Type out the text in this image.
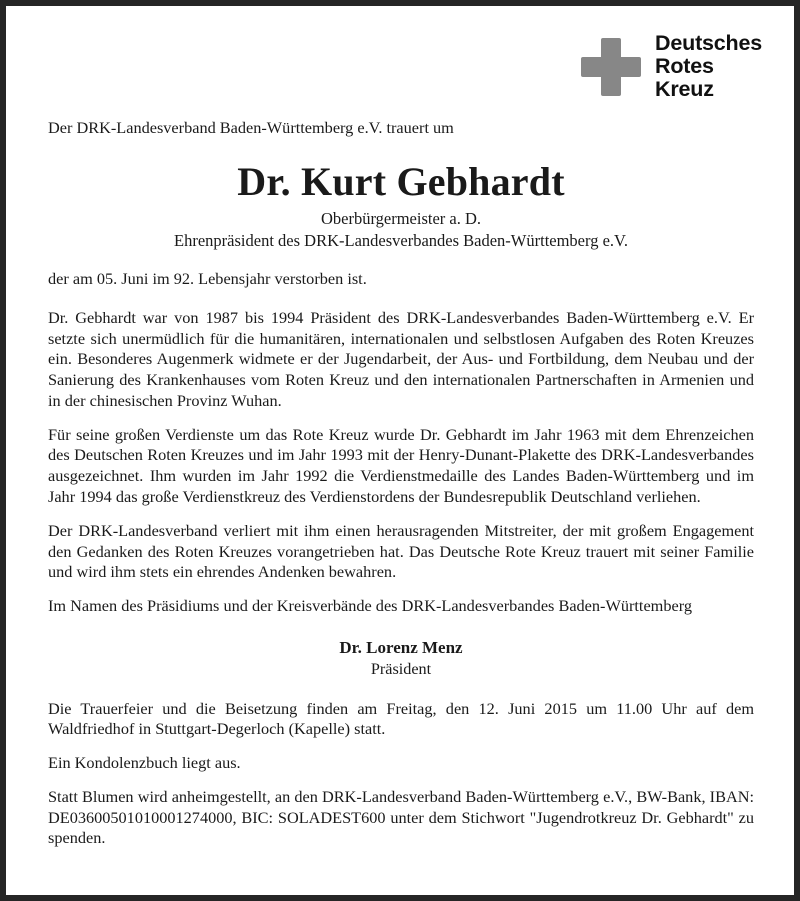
Deutsches
Rotes
Kreuz

Der DRK-Landesverband Baden-Württemberg e.V. trauert um

Dr. Kurt Gebhardt
Oberbürgermeister a. D.
Ehrenpräsident des DRK-Landesverbandes Baden-Württemberg e.V.

der am 05. Juni im 92. Lebensjahr verstorben ist.

Dr. Gebhardt war von 1987 bis 1994 Präsident des DRK-Landesverbandes Baden-Württemberg e.V. Er setzte sich unermüdlich für die humanitären, internationalen und selbstlosen Aufgaben des Roten Kreuzes ein. Besonderes Augenmerk widmete er der Jugendarbeit, der Aus- und Fortbildung, dem Neubau und der Sanierung des Krankenhauses vom Roten Kreuz und den internationalen Partnerschaften in Armenien und in der chinesischen Provinz Wuhan.

Für seine großen Verdienste um das Rote Kreuz wurde Dr. Gebhardt im Jahr 1963 mit dem Ehrenzeichen des Deutschen Roten Kreuzes und im Jahr 1993 mit der Henry-Dunant-Plakette des DRK-Landesverbandes ausgezeichnet. Ihm wurden im Jahr 1992 die Verdienstmedaille des Landes Baden-Württemberg und im Jahr 1994 das große Verdienstkreuz des Verdienstordens der Bundesrepublik Deutschland verliehen.

Der DRK-Landesverband verliert mit ihm einen herausragenden Mitstreiter, der mit großem Engagement den Gedanken des Roten Kreuzes vorangetrieben hat. Das Deutsche Rote Kreuz trauert mit seiner Familie und wird ihm stets ein ehrendes Andenken bewahren.

Im Namen des Präsidiums und der Kreisverbände des DRK-Landesverbandes Baden-Württemberg

Dr. Lorenz Menz
Präsident

Die Trauerfeier und die Beisetzung finden am Freitag, den 12. Juni 2015 um 11.00 Uhr auf dem Waldfriedhof in Stuttgart-Degerloch (Kapelle) statt.

Ein Kondolenzbuch liegt aus.

Statt Blumen wird anheimgestellt, an den DRK-Landesverband Baden-Württemberg e.V., BW-Bank, IBAN: DE03600501010001274000, BIC: SOLADEST600 unter dem Stichwort "Jugendrotkreuz Dr. Gebhardt" zu spenden.
